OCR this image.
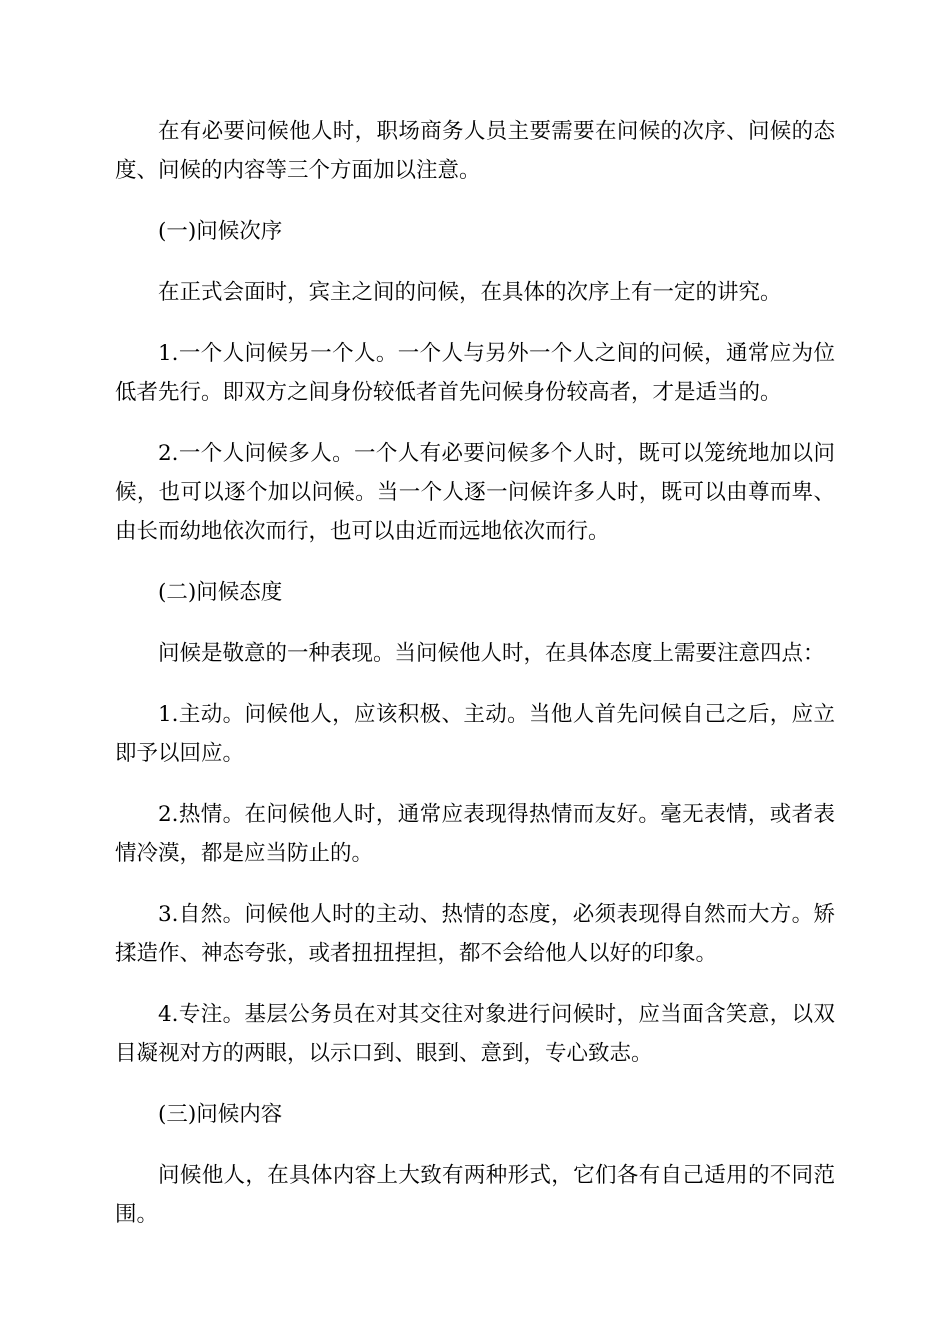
在有必要问候他人时，职场商务人员主要需要在问候的次序、问候的态度、问候的内容等三个方面加以注意。

(一)问候次序

在正式会面时，宾主之间的问候，在具体的次序上有一定的讲究。

1.一个人问候另一个人。一个人与另外一个人之间的问候，通常应为位低者先行。即双方之间身份较低者首先问候身份较高者，才是适当的。

2.一个人问候多人。一个人有必要问候多个人时，既可以笼统地加以问候，也可以逐个加以问候。当一个人逐一问候许多人时，既可以由尊而卑、由长而幼地依次而行，也可以由近而远地依次而行。

(二)问候态度

问候是敬意的一种表现。当问候他人时，在具体态度上需要注意四点：

1.主动。问候他人，应该积极、主动。当他人首先问候自己之后，应立即予以回应。

2.热情。在问候他人时，通常应表现得热情而友好。毫无表情，或者表情冷漠，都是应当防止的。

3.自然。问候他人时的主动、热情的态度，必须表现得自然而大方。矫揉造作、神态夸张，或者扭扭捏担，都不会给他人以好的印象。

4.专注。基层公务员在对其交往对象进行问候时，应当面含笑意，以双目凝视对方的两眼，以示口到、眼到、意到，专心致志。

(三)问候内容

问候他人，在具体内容上大致有两种形式，它们各有自己适用的不同范围。
